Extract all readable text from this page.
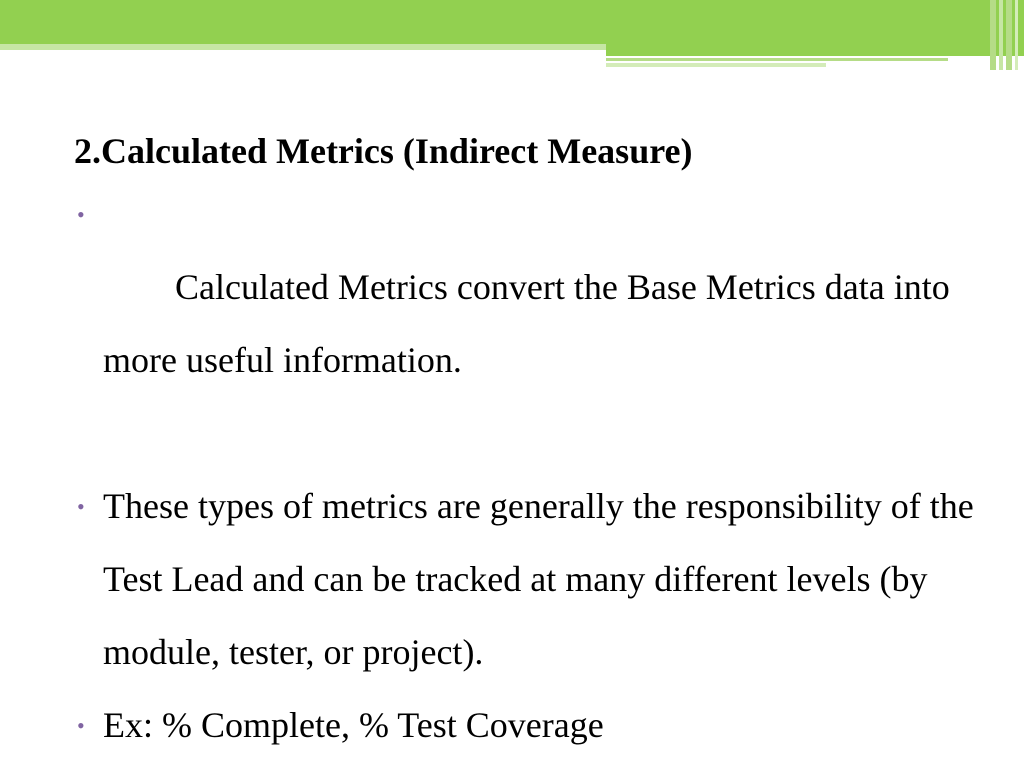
2.Calculated Metrics (Indirect Measure)

•
Calculated Metrics convert the Base Metrics data into more useful information.

• These types of metrics are generally the responsibility of the Test Lead and can be tracked at many different levels (by module, tester, or project).
• Ex: % Complete, % Test Coverage
